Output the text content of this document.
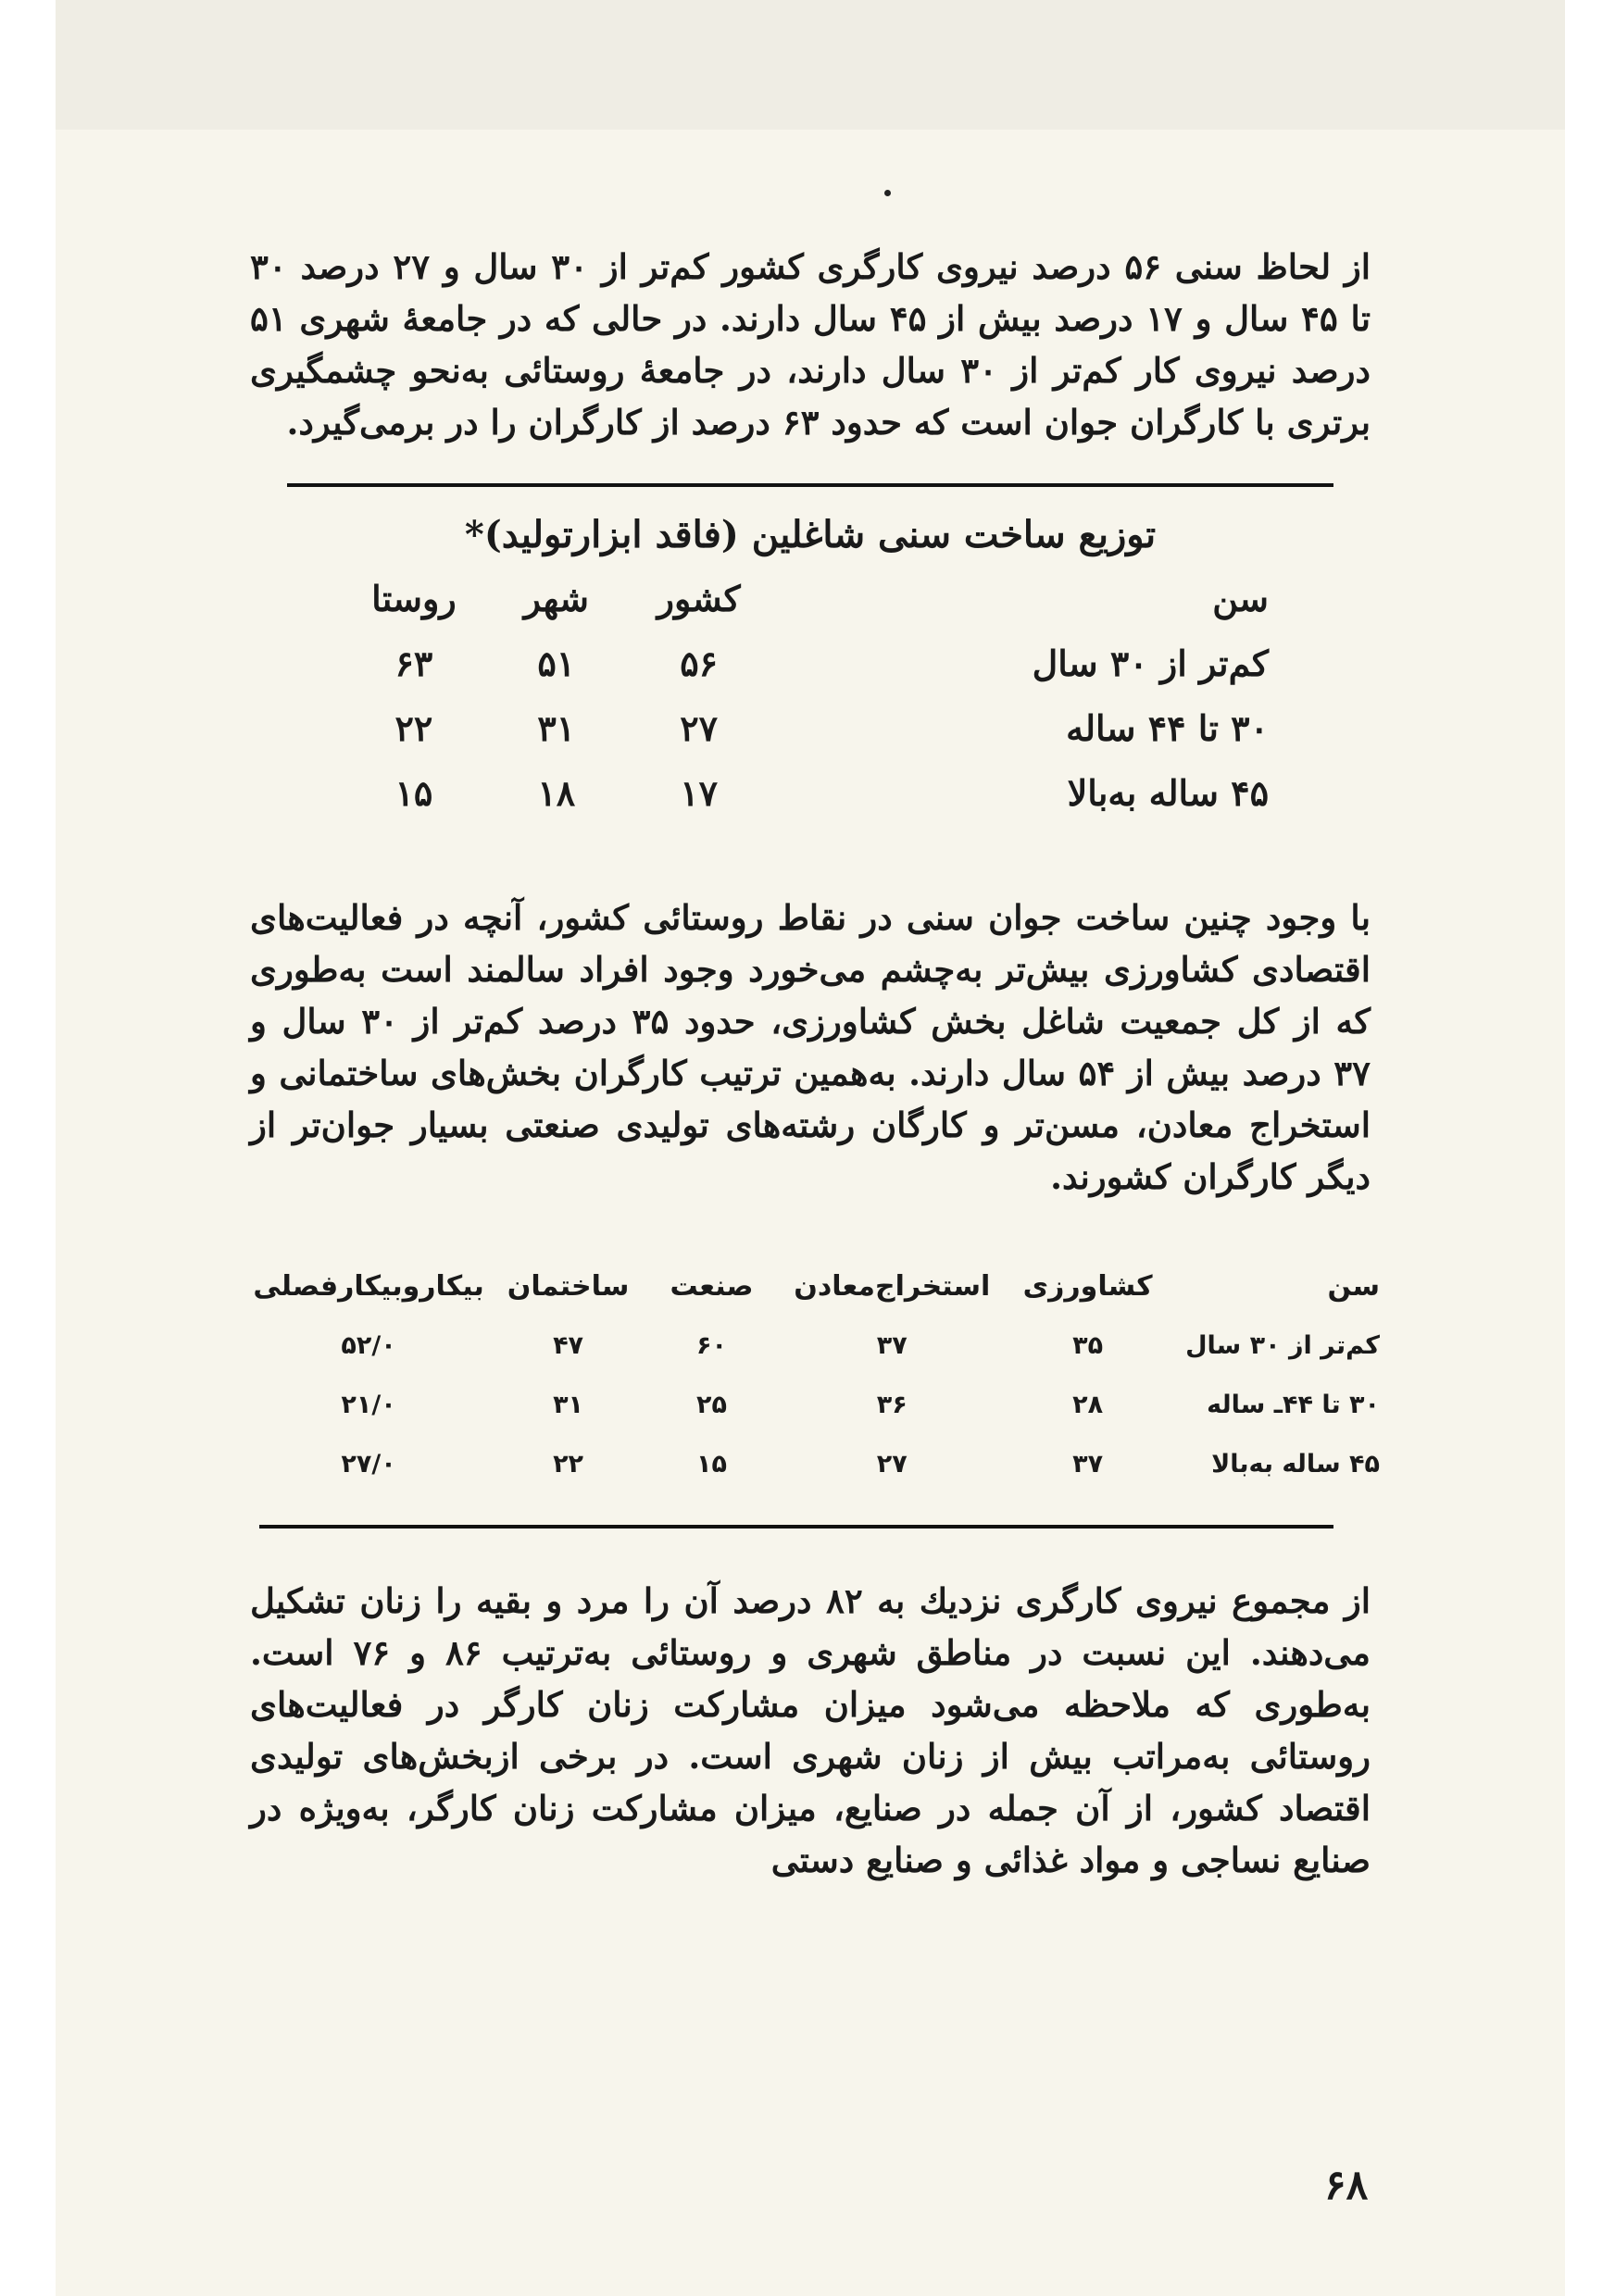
از لحاظ سنی ۵۶ درصد نیروی کارگری کشور کم‌تر از ۳۰ سال و ۲۷ درصد ۳۰ تا ۴۵ سال و ۱۷ درصد بیش از ۴۵ سال دارند. در حالی که در جامعهٔ شهری ۵۱ درصد نیروی کار کم‌تر از ۳۰ سال دارند، در جامعهٔ روستائی به‌نحو چشمگیری برتری با کارگران جوان است که حدود ۶۳ درصد از کارگران را در برمی‌گیرد.

توزیع ساخت سنی شاغلین (فاقد ابزارتولید)*
سن	کشور	شهر	روستا
کم‌تر از ۳۰ سال	۵۶	۵۱	۶۳
۳۰ تا ۴۴ ساله	۲۷	۳۱	۲۲
۴۵ ساله به‌بالا	۱۷	۱۸	۱۵

با وجود چنین ساخت جوان سنی در نقاط روستائی کشور، آنچه در فعالیت‌های اقتصادی کشاورزی بیش‌تر به‌چشم می‌خورد وجود افراد سالمند است به‌طوری که از کل جمعیت شاغل بخش کشاورزی، حدود ۳۵ درصد کم‌تر از ۳۰ سال و ۳۷ درصد بیش از ۵۴ سال دارند. به‌همین ترتیب کارگران بخش‌های ساختمانی و استخراج معادن، مسن‌تر و کارگان رشته‌های تولیدی صنعتی بسیار جوان‌تر از دیگر کارگران کشورند.

سن	کشاورزی	استخراج‌معادن	صنعت	ساختمان	بیکاروبیکارفصلی
کم‌تر از ۳۰ سال	۳۵	۳۷	۶۰	۴۷	۵۲/۰
۳۰ تا ۴۴ـ ساله	۲۸	۳۶	۲۵	۳۱	۲۱/۰
۴۵ ساله به‌بالا	۳۷	۲۷	۱۵	۲۲	۲۷/۰

از مجموع نیروی کارگری نزدیك به ۸۲ درصد آن را مرد و بقیه را زنان تشکیل می‌دهند. این نسبت در مناطق شهری و روستائی به‌ترتیب ۸۶ و ۷۶ است. به‌طوری که ملاحظه می‌شود میزان مشارکت زنان کارگر در فعالیت‌های روستائی به‌مراتب بیش از زنان شهری است. در برخی ازبخش‌های تولیدی اقتصاد کشور، از آن جمله در صنایع، میزان مشارکت زنان کارگر، به‌ویژه در صنایع نساجی و مواد غذائی و صنایع دستی

۶۸
